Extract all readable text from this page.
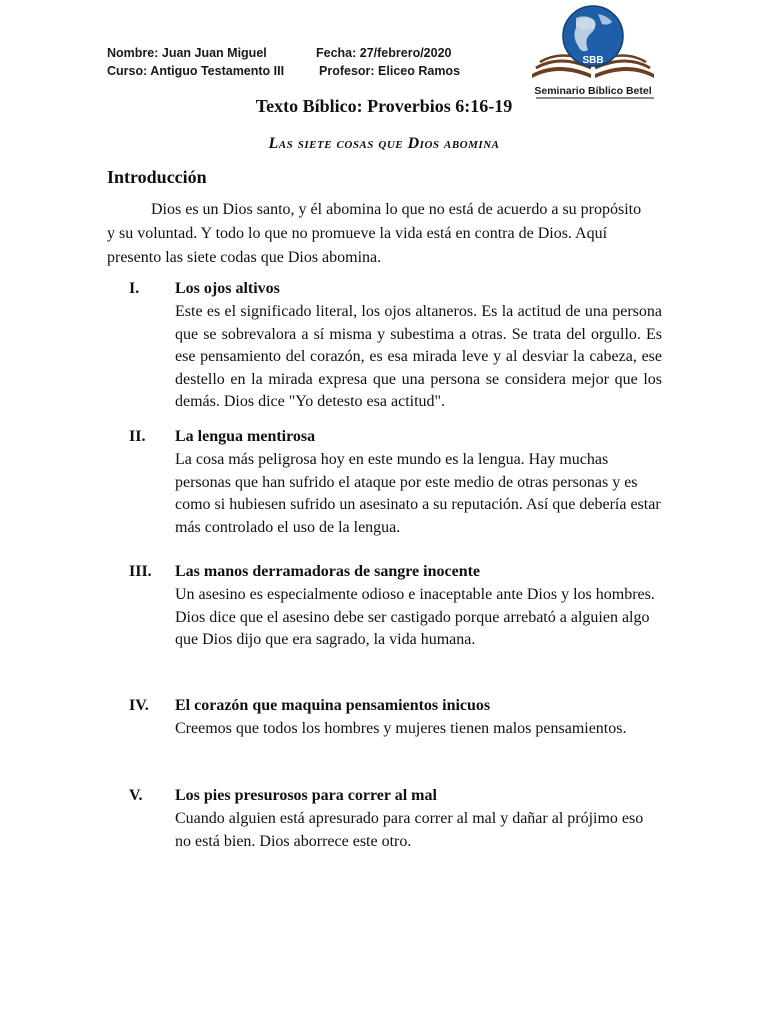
Nombre: Juan Juan Miguel
Curso: Antiguo Testamento III
Fecha: 27/febrero/2020
Profesor: Eliceo Ramos
SBB
Seminario Bíblico Betel
Texto Bíblico: Proverbios 6:16-19
Las siete cosas que Dios abomina
Introducción
Dios es un Dios santo, y él abomina lo que no está de acuerdo a su propósito y su voluntad. Y todo lo que no promueve la vida está en contra de Dios. Aquí presento las siete codas que Dios abomina.
I. Los ojos altivos
Este es el significado literal, los ojos altaneros. Es la actitud de una persona que se sobrevalora a sí misma y subestima a otras. Se trata del orgullo. Es ese pensamiento del corazón, es esa mirada leve y al desviar la cabeza, ese destello en la mirada expresa que una persona se considera mejor que los demás. Dios dice "Yo detesto esa actitud".
II. La lengua mentirosa
La cosa más peligrosa hoy en este mundo es la lengua. Hay muchas personas que han sufrido el ataque por este medio de otras personas y es como si hubiesen sufrido un asesinato a su reputación. Así que debería estar más controlado el uso de la lengua.
III. Las manos derramadoras de sangre inocente
Un asesino es especialmente odioso e inaceptable ante Dios y los hombres. Dios dice que el asesino debe ser castigado porque arrebató a alguien algo que Dios dijo que era sagrado, la vida humana.
IV. El corazón que maquina pensamientos inicuos
Creemos que todos los hombres y mujeres tienen malos pensamientos.
V. Los pies presurosos para correr al mal
Cuando alguien está apresurado para correr al mal y dañar al prójimo eso no está bien. Dios aborrece este otro.
